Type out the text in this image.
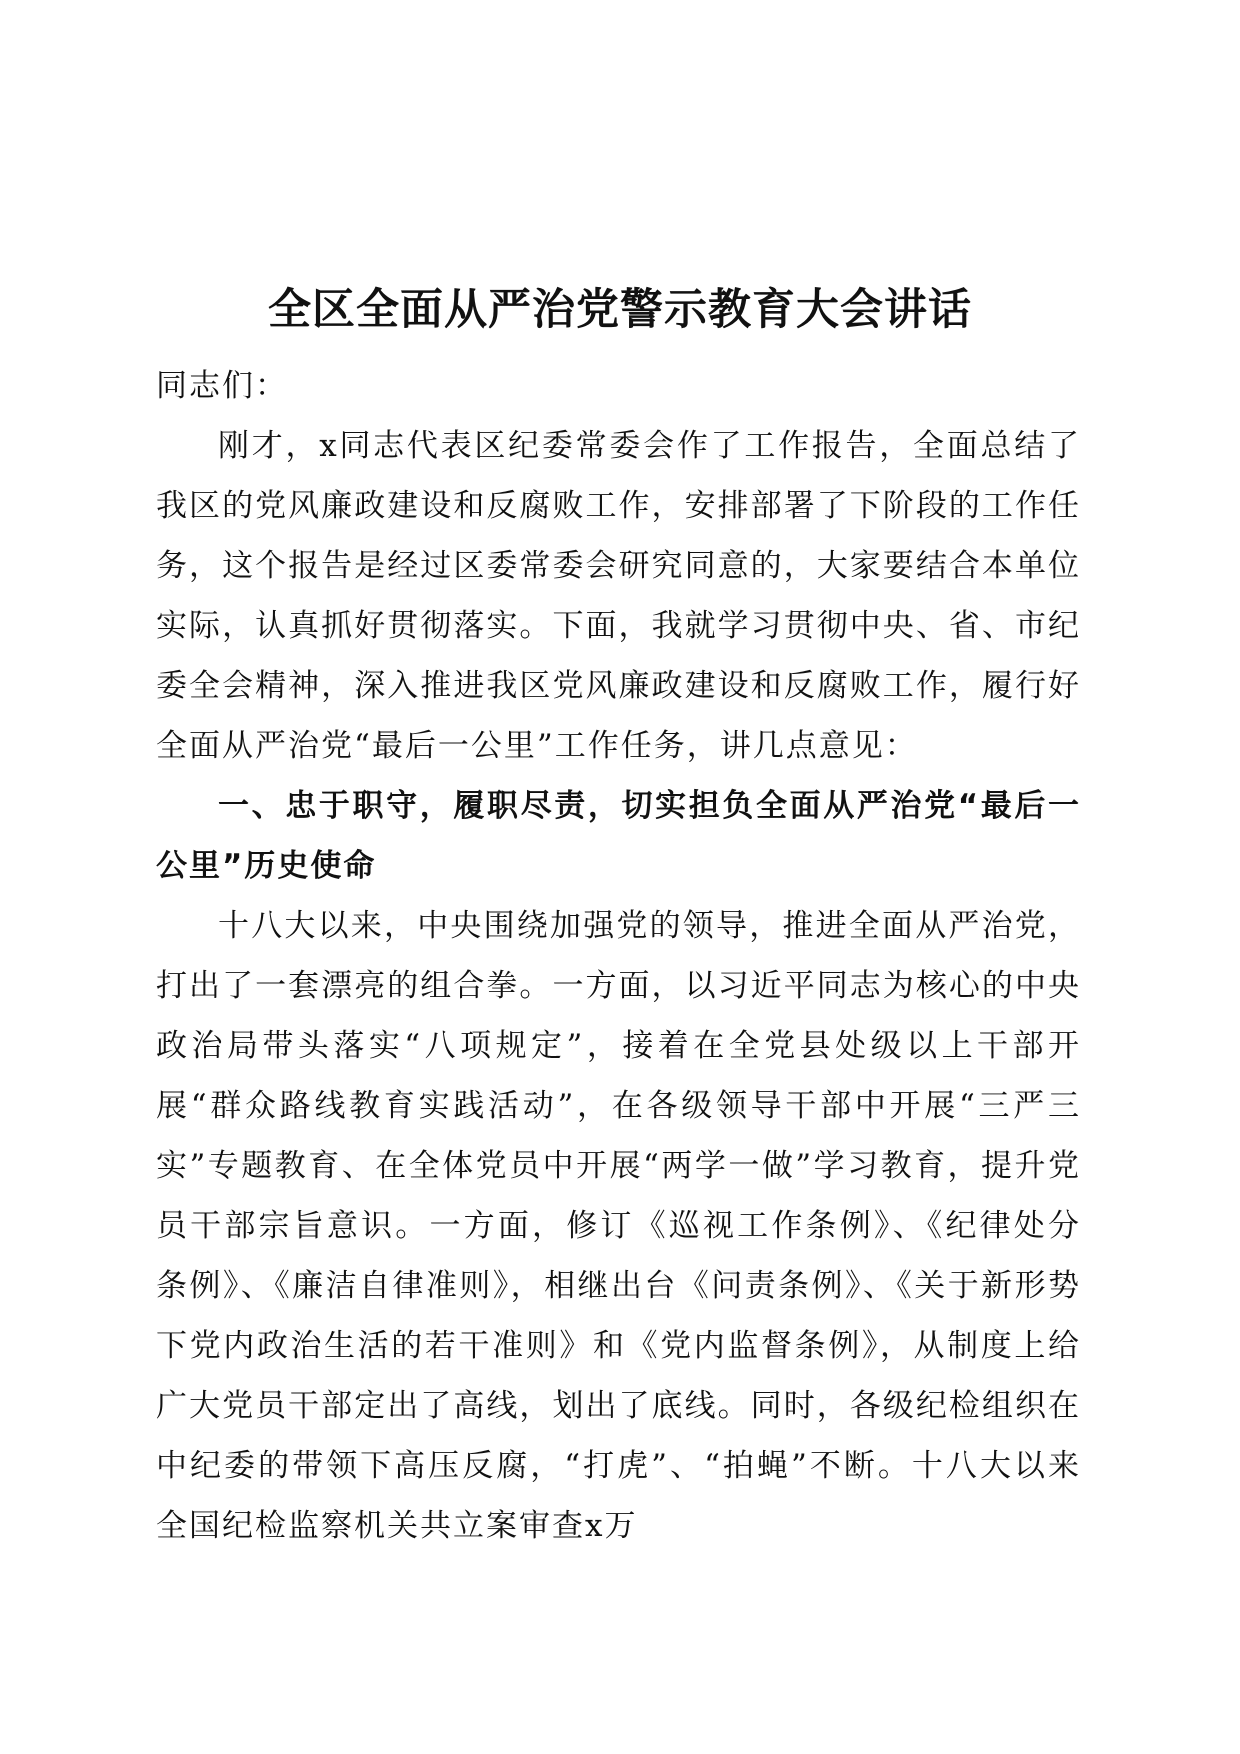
全区全面从严治党警示教育大会讲话

同志们：

刚才，x同志代表区纪委常委会作了工作报告，全面总结了我区的党风廉政建设和反腐败工作，安排部署了下阶段的工作任务，这个报告是经过区委常委会研究同意的，大家要结合本单位实际，认真抓好贯彻落实。下面，我就学习贯彻中央、省、市纪委全会精神，深入推进我区党风廉政建设和反腐败工作，履行好全面从严治党“最后一公里”工作任务，讲几点意见：

一、忠于职守，履职尽责，切实担负全面从严治党“最后一公里”历史使命

十八大以来，中央围绕加强党的领导，推进全面从严治党，打出了一套漂亮的组合拳。一方面，以习近平同志为核心的中央政治局带头落实“八项规定”，接着在全党县处级以上干部开展“群众路线教育实践活动”，在各级领导干部中开展“三严三实”专题教育、在全体党员中开展“两学一做”学习教育，提升党员干部宗旨意识。一方面，修订《巡视工作条例》、《纪律处分条例》、《廉洁自律准则》，相继出台《问责条例》、《关于新形势下党内政治生活的若干准则》和《党内监督条例》，从制度上给广大党员干部定出了高线，划出了底线。同时，各级纪检组织在中纪委的带领下高压反腐，“打虎”、“拍蝇”不断。十八大以来全国纪检监察机关共立案审查x万
